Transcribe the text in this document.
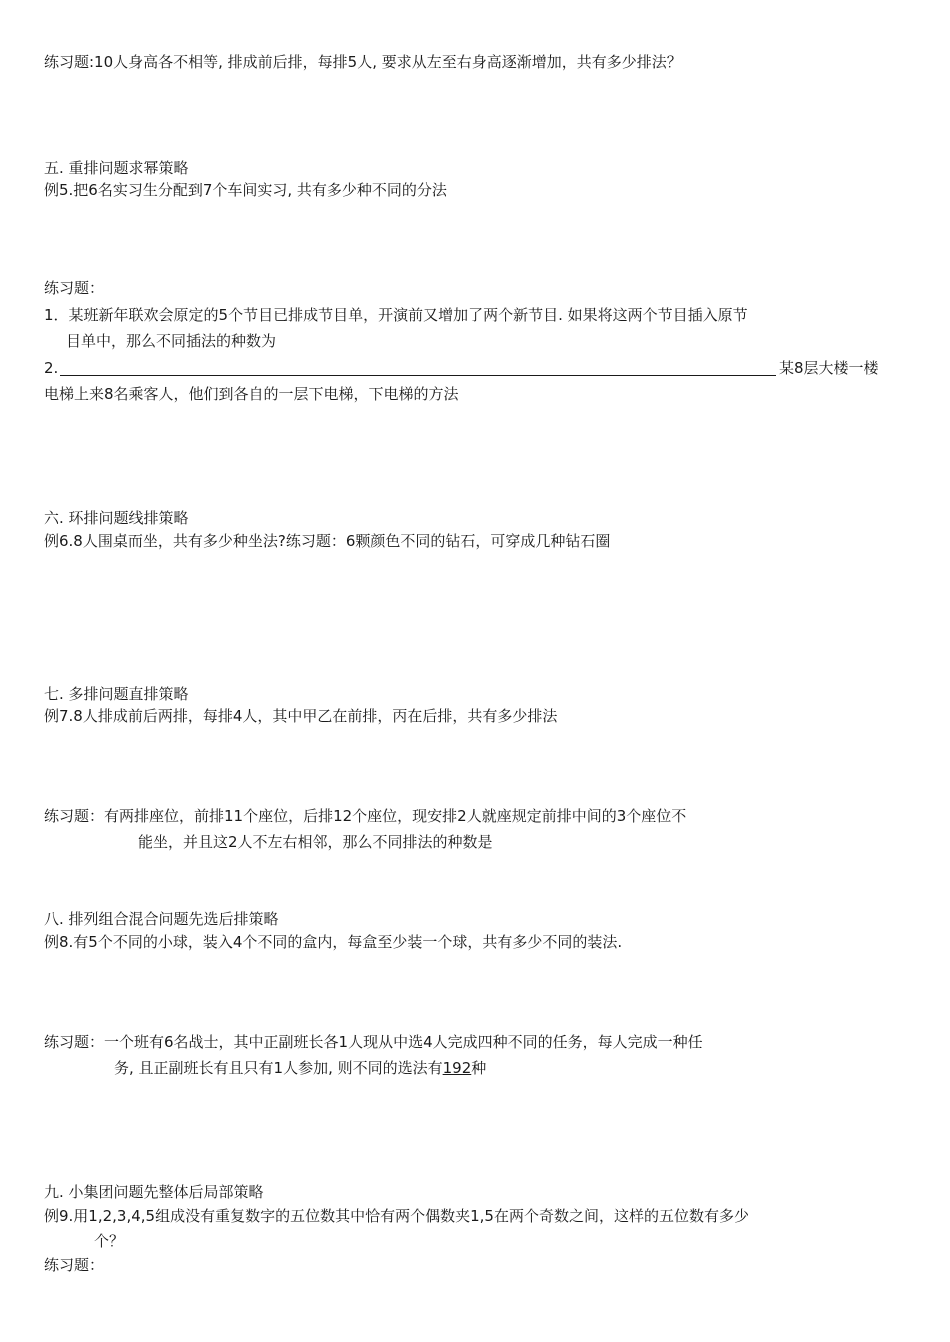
练习题:10人身高各不相等, 排成前后排，每排5人, 要求从左至右身高逐渐增加，共有多少排法？
五. 重排问题求幂策略
例5.把6名实习生分配到7个车间实习, 共有多少种不同的分法
练习题：
1．某班新年联欢会原定的5个节目已排成节目单，开演前又增加了两个新节目. 如果将这两个节目插入原节
目单中，那么不同插法的种数为
2.	某8层大楼一楼
电梯上来8名乘客人，他们到各自的一层下电梯，下电梯的方法
六. 环排问题线排策略
例6.8人围桌而坐，共有多少种坐法?练习题：6颗颜色不同的钻石，可穿成几种钻石圈
七. 多排问题直排策略
例7.8人排成前后两排，每排4人，其中甲乙在前排，丙在后排，共有多少排法
练习题：有两排座位，前排11个座位，后排12个座位，现安排2人就座规定前排中间的3个座位不
能坐，并且这2人不左右相邻，那么不同排法的种数是
八. 排列组合混合问题先选后排策略
例8.有5个不同的小球，装入4个不同的盒内，每盒至少装一个球，共有多少不同的装法.
练习题：一个班有6名战士，其中正副班长各1人现从中选4人完成四种不同的任务，每人完成一种任
务, 且正副班长有且只有1人参加, 则不同的选法有192种
九. 小集团问题先整体后局部策略
例9.用1,2,3,4,5组成没有重复数字的五位数其中恰有两个偶数夹1,5在两个奇数之间，这样的五位数有多少
个？
练习题：
